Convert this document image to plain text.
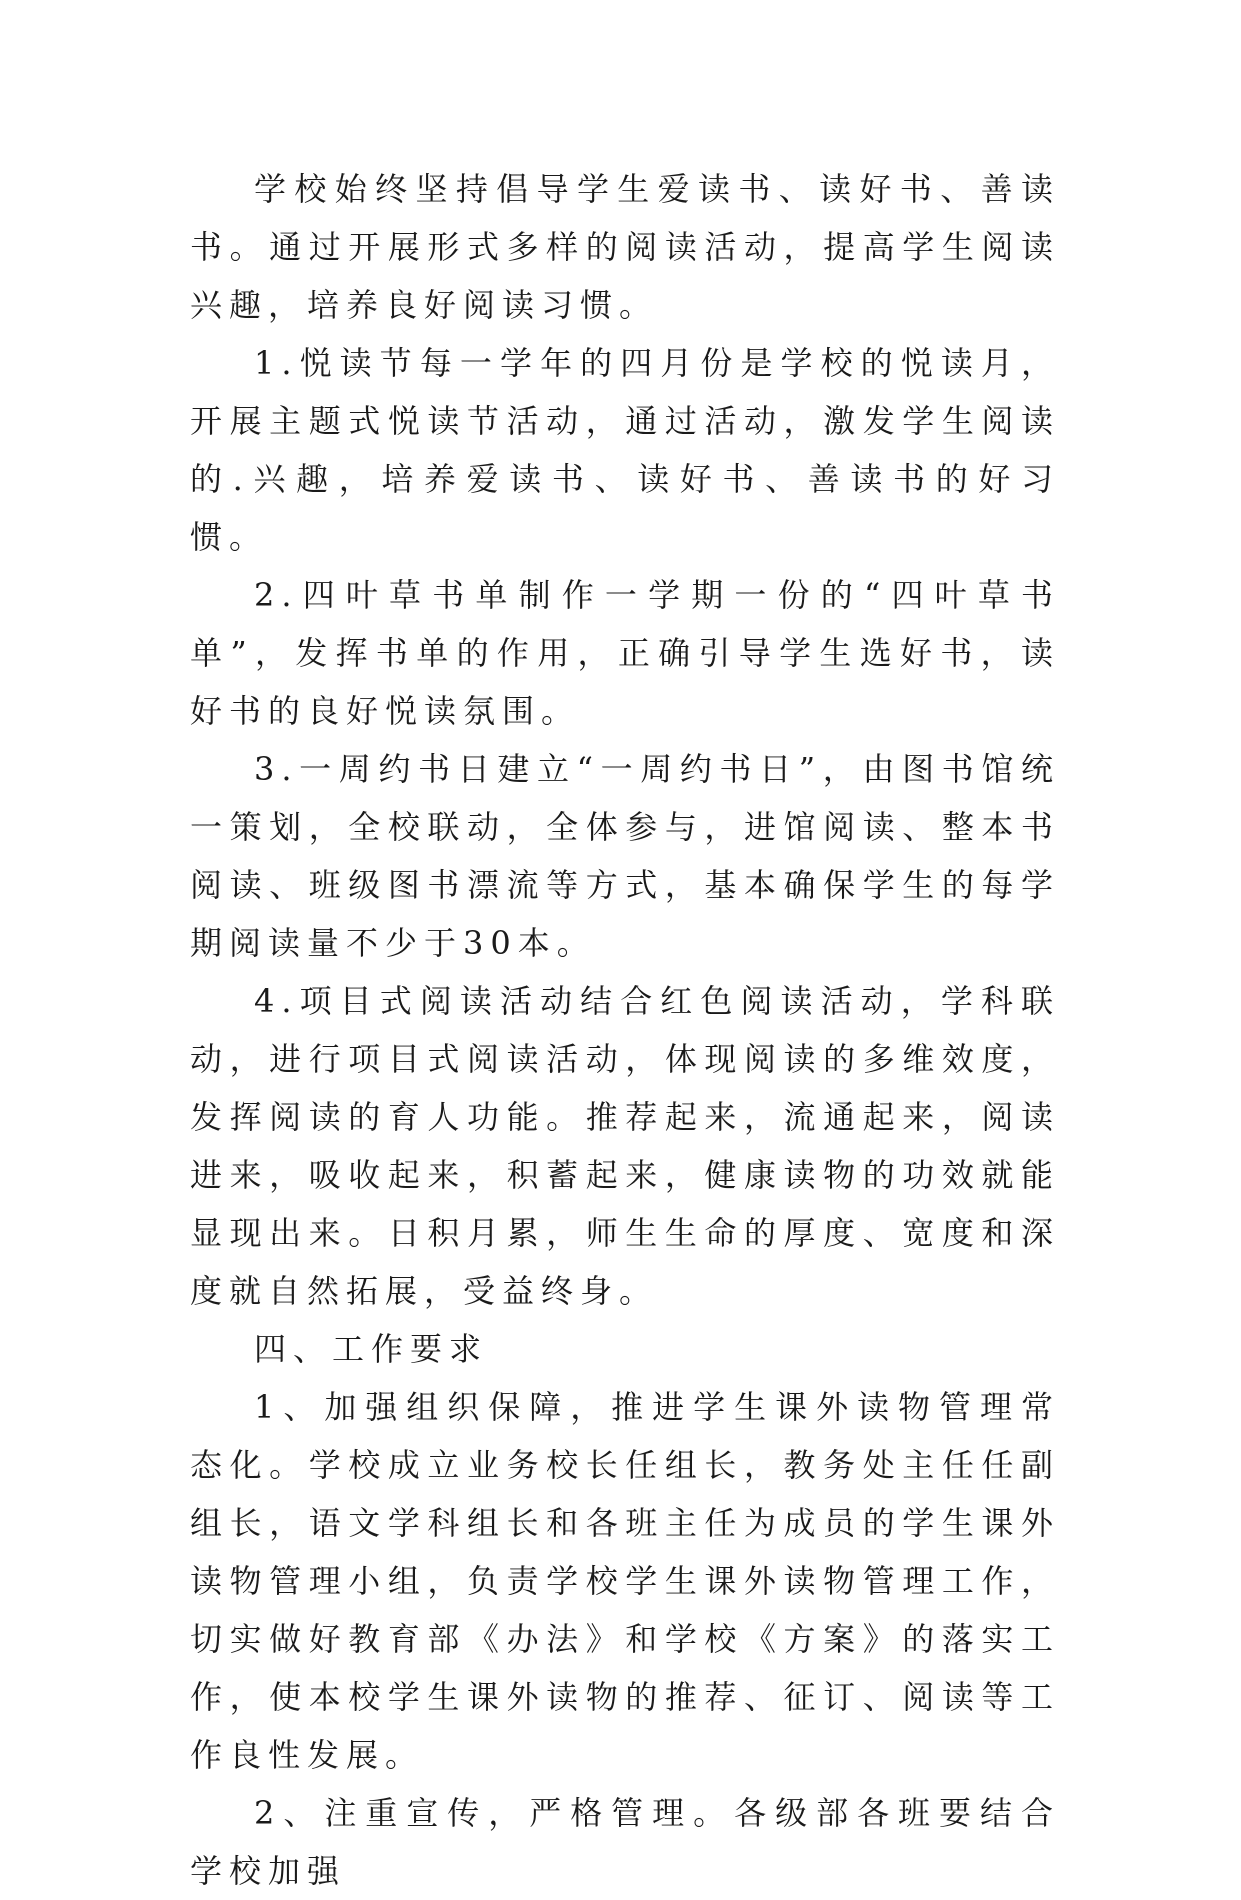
学校始终坚持倡导学生爱读书、读好书、善读书。通过开展形式多样的阅读活动，提高学生阅读兴趣，培养良好阅读习惯。

1.悦读节每一学年的四月份是学校的悦读月，开展主题式悦读节活动，通过活动，激发学生阅读的.兴趣，培养爱读书、读好书、善读书的好习惯。

2.四叶草书单制作一学期一份的“四叶草书单”，发挥书单的作用，正确引导学生选好书，读好书的良好悦读氛围。

3.一周约书日建立“一周约书日”，由图书馆统一策划，全校联动，全体参与，进馆阅读、整本书阅读、班级图书漂流等方式，基本确保学生的每学期阅读量不少于30本。

4.项目式阅读活动结合红色阅读活动，学科联动，进行项目式阅读活动，体现阅读的多维效度，发挥阅读的育人功能。推荐起来，流通起来，阅读进来，吸收起来，积蓄起来，健康读物的功效就能显现出来。日积月累，师生生命的厚度、宽度和深度就自然拓展，受益终身。

四、工作要求

1、加强组织保障，推进学生课外读物管理常态化。学校成立业务校长任组长，教务处主任任副组长，语文学科组长和各班主任为成员的学生课外读物管理小组，负责学校学生课外读物管理工作，切实做好教育部《办法》和学校《方案》的落实工作，使本校学生课外读物的推荐、征订、阅读等工作良性发展。

2、注重宣传，严格管理。各级部各班要结合学校加强
